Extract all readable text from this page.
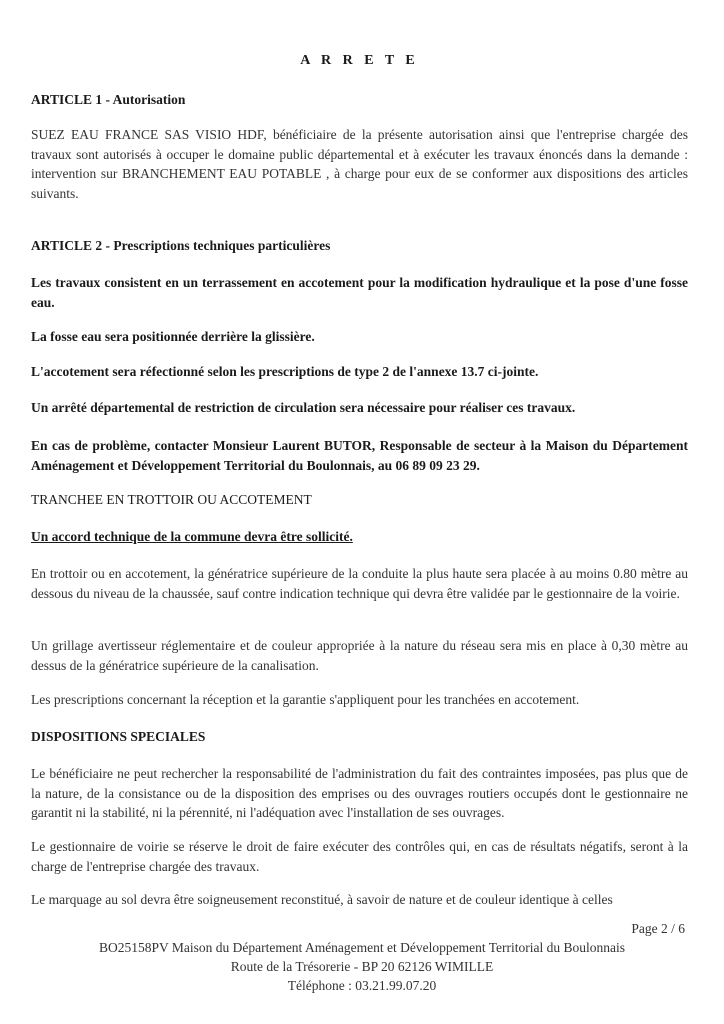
A R R E T E
ARTICLE 1 - Autorisation
SUEZ EAU FRANCE SAS VISIO HDF, bénéficiaire de la présente autorisation ainsi que l'entreprise chargée des travaux sont autorisés à occuper le domaine public départemental et à exécuter les travaux énoncés dans la demande : intervention sur BRANCHEMENT EAU POTABLE , à charge pour eux de se conformer aux dispositions des articles suivants.
ARTICLE 2 - Prescriptions techniques particulières
Les travaux consistent en un terrassement en accotement pour la modification hydraulique et la pose d'une fosse eau.
La fosse eau sera positionnée derrière la glissière.
L'accotement sera réfectionné selon les prescriptions de type 2 de l'annexe 13.7 ci-jointe.
Un arrêté départemental de restriction de circulation sera nécessaire pour réaliser ces travaux.
En cas de problème, contacter Monsieur Laurent BUTOR, Responsable de secteur à la Maison du Département Aménagement et Développement Territorial du Boulonnais, au 06 89 09 23 29.
TRANCHEE EN TROTTOIR OU ACCOTEMENT
Un accord technique de la commune devra être sollicité.
En trottoir ou en accotement, la génératrice supérieure de la conduite la plus haute sera placée à au moins 0.80 mètre au dessous du niveau de la chaussée, sauf contre indication technique qui devra être validée par le gestionnaire de la voirie.
Un grillage avertisseur réglementaire et de couleur appropriée à la nature du réseau sera mis en place à 0,30 mètre au dessus de la génératrice supérieure de la canalisation.
Les prescriptions concernant la réception et la garantie s'appliquent pour les tranchées en accotement.
DISPOSITIONS SPECIALES
Le bénéficiaire ne peut rechercher la responsabilité de l'administration du fait des contraintes imposées, pas plus que de la nature, de la consistance ou de la disposition des emprises ou des ouvrages routiers occupés dont le gestionnaire ne garantit ni la stabilité, ni la pérennité, ni l'adéquation avec l'installation de ses ouvrages.
Le gestionnaire de voirie se réserve le droit de faire exécuter des contrôles qui, en cas de résultats négatifs, seront à la charge de l'entreprise chargée des travaux.
Le marquage au sol devra être soigneusement reconstitué, à savoir de nature et de couleur identique à celles
Page 2 / 6
BO25158PV Maison du Département Aménagement et Développement Territorial du Boulonnais
Route de la Trésorerie - BP 20 62126 WIMILLE
Téléphone : 03.21.99.07.20
